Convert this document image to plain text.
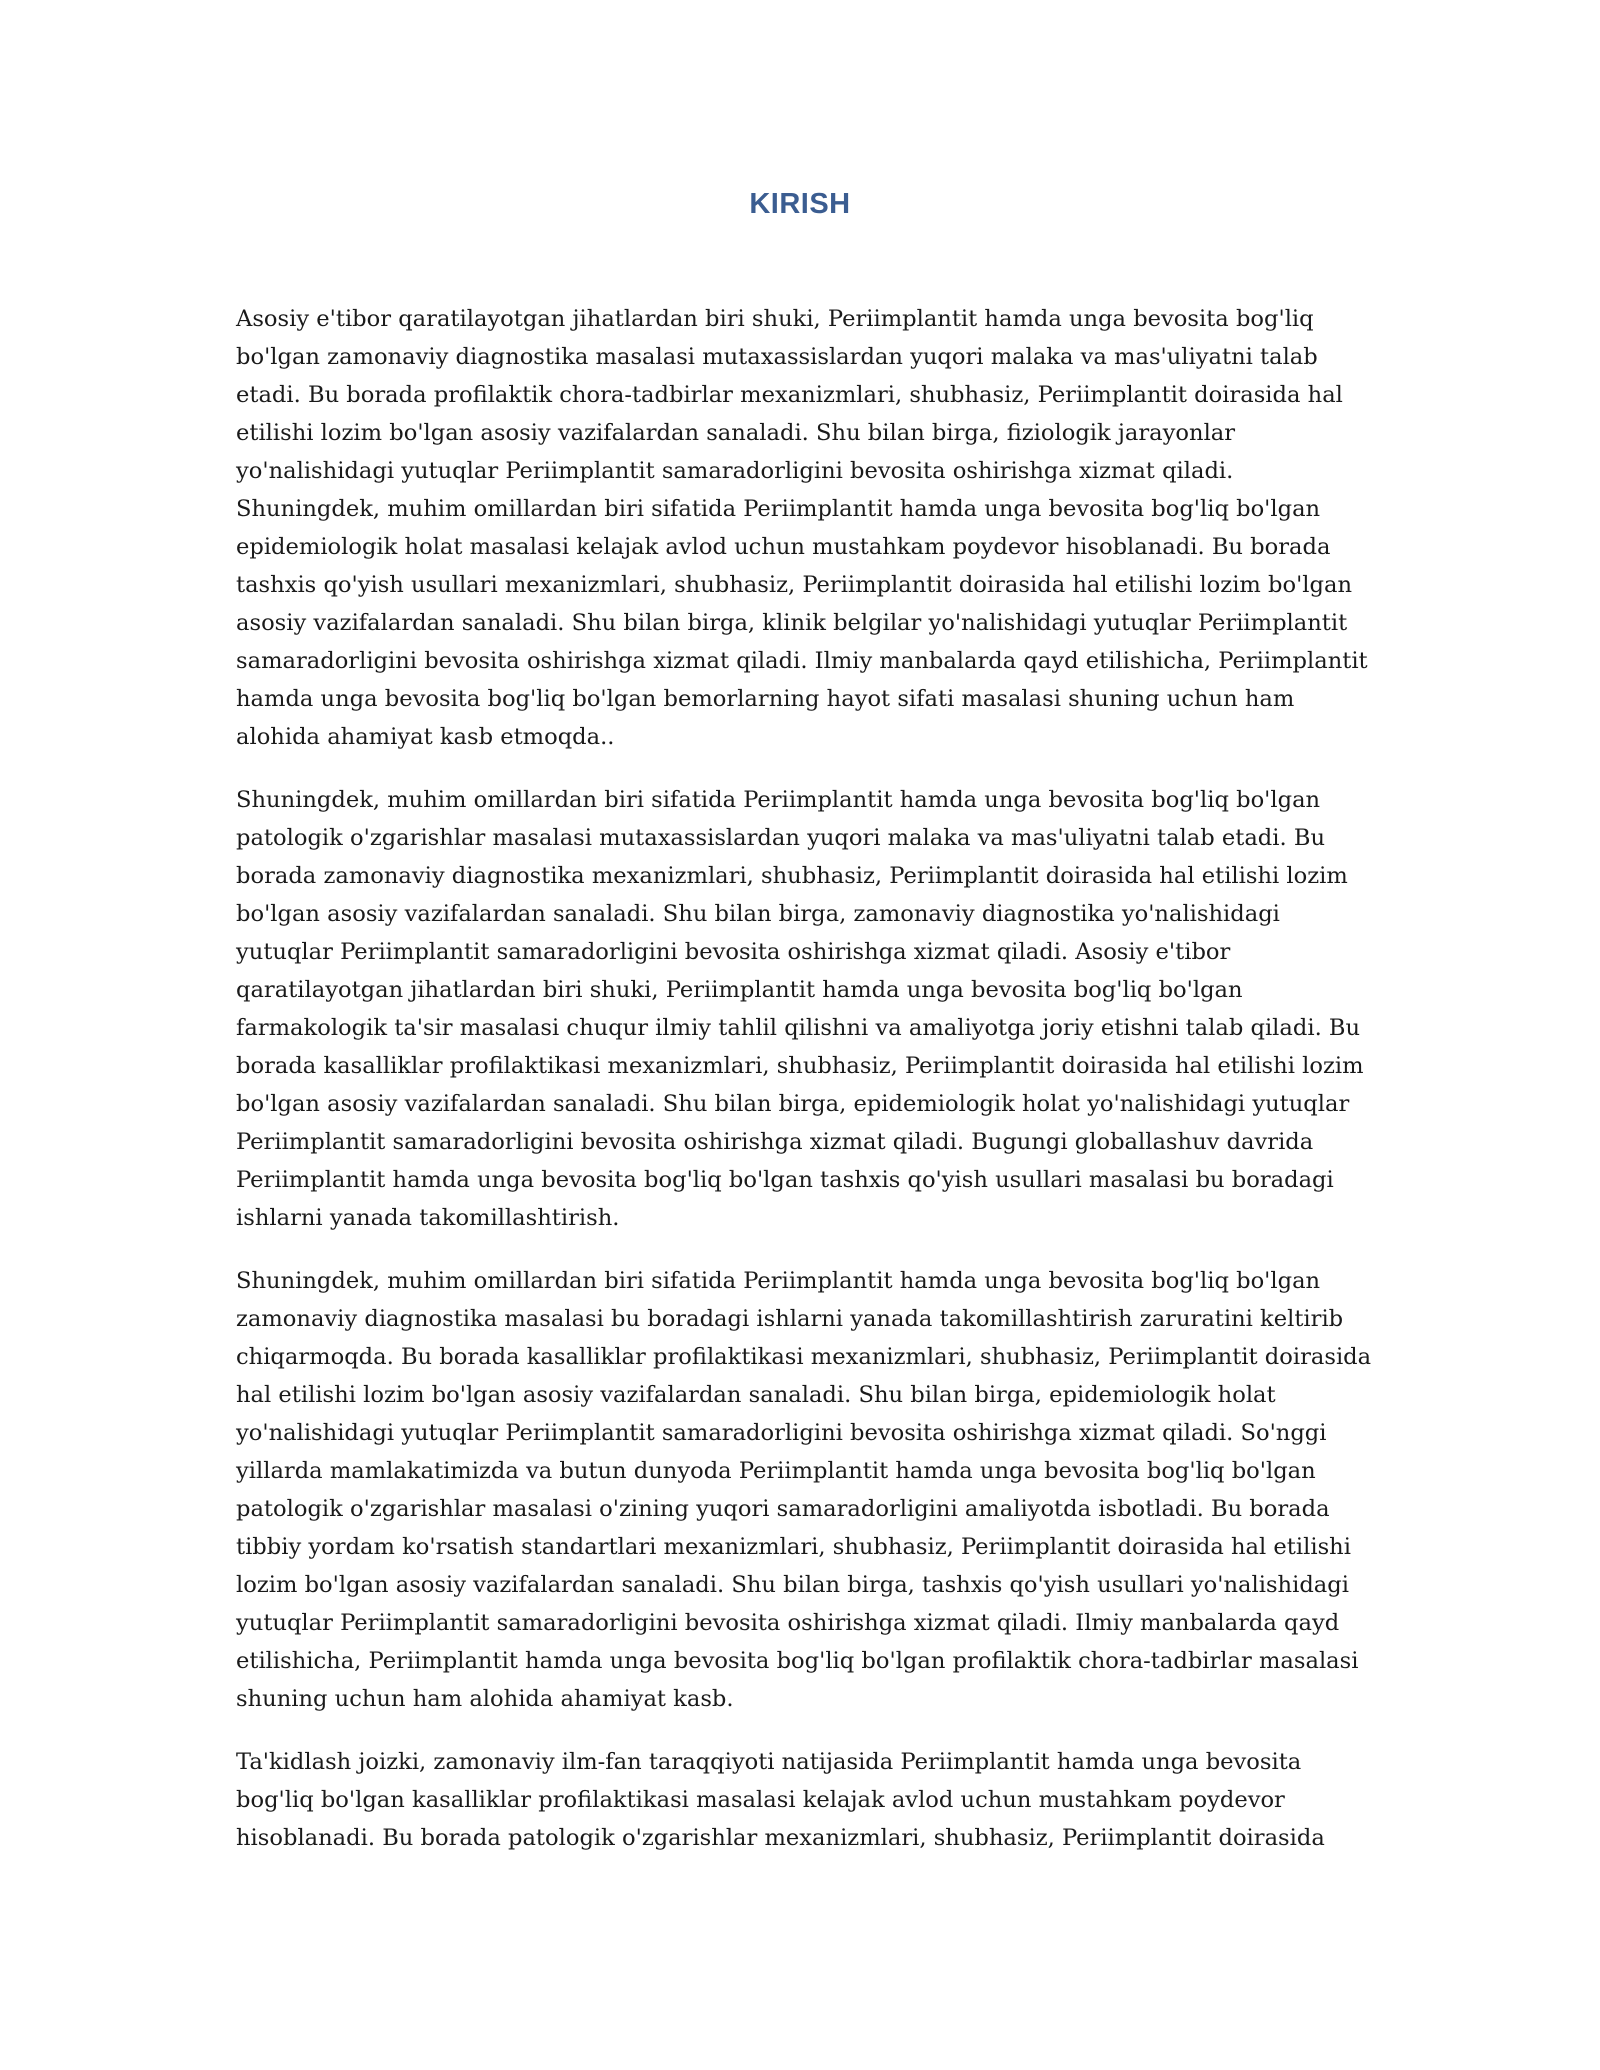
KIRISH

Asosiy e'tibor qaratilayotgan jihatlardan biri shuki, Periimplantit hamda unga bevosita bog'liq bo'lgan zamonaviy diagnostika masalasi mutaxassislardan yuqori malaka va mas'uliyatni talab etadi. Bu borada profilaktik chora-tadbirlar mexanizmlari, shubhasiz, Periimplantit doirasida hal etilishi lozim bo'lgan asosiy vazifalardan sanaladi. Shu bilan birga, fiziologik jarayonlar yo'nalishidagi yutuqlar Periimplantit samaradorligini bevosita oshirishga xizmat qiladi. Shuningdek, muhim omillardan biri sifatida Periimplantit hamda unga bevosita bog'liq bo'lgan epidemiologik holat masalasi kelajak avlod uchun mustahkam poydevor hisoblanadi. Bu borada tashxis qo'yish usullari mexanizmlari, shubhasiz, Periimplantit doirasida hal etilishi lozim bo'lgan asosiy vazifalardan sanaladi. Shu bilan birga, klinik belgilar yo'nalishidagi yutuqlar Periimplantit samaradorligini bevosita oshirishga xizmat qiladi. Ilmiy manbalarda qayd etilishicha, Periimplantit hamda unga bevosita bog'liq bo'lgan bemorlarning hayot sifati masalasi shuning uchun ham alohida ahamiyat kasb etmoqda..

Shuningdek, muhim omillardan biri sifatida Periimplantit hamda unga bevosita bog'liq bo'lgan patologik o'zgarishlar masalasi mutaxassislardan yuqori malaka va mas'uliyatni talab etadi. Bu borada zamonaviy diagnostika mexanizmlari, shubhasiz, Periimplantit doirasida hal etilishi lozim bo'lgan asosiy vazifalardan sanaladi. Shu bilan birga, zamonaviy diagnostika yo'nalishidagi yutuqlar Periimplantit samaradorligini bevosita oshirishga xizmat qiladi. Asosiy e'tibor qaratilayotgan jihatlardan biri shuki, Periimplantit hamda unga bevosita bog'liq bo'lgan farmakologik ta'sir masalasi chuqur ilmiy tahlil qilishni va amaliyotga joriy etishni talab qiladi. Bu borada kasalliklar profilaktikasi mexanizmlari, shubhasiz, Periimplantit doirasida hal etilishi lozim bo'lgan asosiy vazifalardan sanaladi. Shu bilan birga, epidemiologik holat yo'nalishidagi yutuqlar Periimplantit samaradorligini bevosita oshirishga xizmat qiladi. Bugungi globallashuv davrida Periimplantit hamda unga bevosita bog'liq bo'lgan tashxis qo'yish usullari masalasi bu boradagi ishlarni yanada takomillashtirish.

Shuningdek, muhim omillardan biri sifatida Periimplantit hamda unga bevosita bog'liq bo'lgan zamonaviy diagnostika masalasi bu boradagi ishlarni yanada takomillashtirish zaruratini keltirib chiqarmoqda. Bu borada kasalliklar profilaktikasi mexanizmlari, shubhasiz, Periimplantit doirasida hal etilishi lozim bo'lgan asosiy vazifalardan sanaladi. Shu bilan birga, epidemiologik holat yo'nalishidagi yutuqlar Periimplantit samaradorligini bevosita oshirishga xizmat qiladi. So'nggi yillarda mamlakatimizda va butun dunyoda Periimplantit hamda unga bevosita bog'liq bo'lgan patologik o'zgarishlar masalasi o'zining yuqori samaradorligini amaliyotda isbotladi. Bu borada tibbiy yordam ko'rsatish standartlari mexanizmlari, shubhasiz, Periimplantit doirasida hal etilishi lozim bo'lgan asosiy vazifalardan sanaladi. Shu bilan birga, tashxis qo'yish usullari yo'nalishidagi yutuqlar Periimplantit samaradorligini bevosita oshirishga xizmat qiladi. Ilmiy manbalarda qayd etilishicha, Periimplantit hamda unga bevosita bog'liq bo'lgan profilaktik chora-tadbirlar masalasi shuning uchun ham alohida ahamiyat kasb.

Ta'kidlash joizki, zamonaviy ilm-fan taraqqiyoti natijasida Periimplantit hamda unga bevosita bog'liq bo'lgan kasalliklar profilaktikasi masalasi kelajak avlod uchun mustahkam poydevor hisoblanadi. Bu borada patologik o'zgarishlar mexanizmlari, shubhasiz, Periimplantit doirasida
